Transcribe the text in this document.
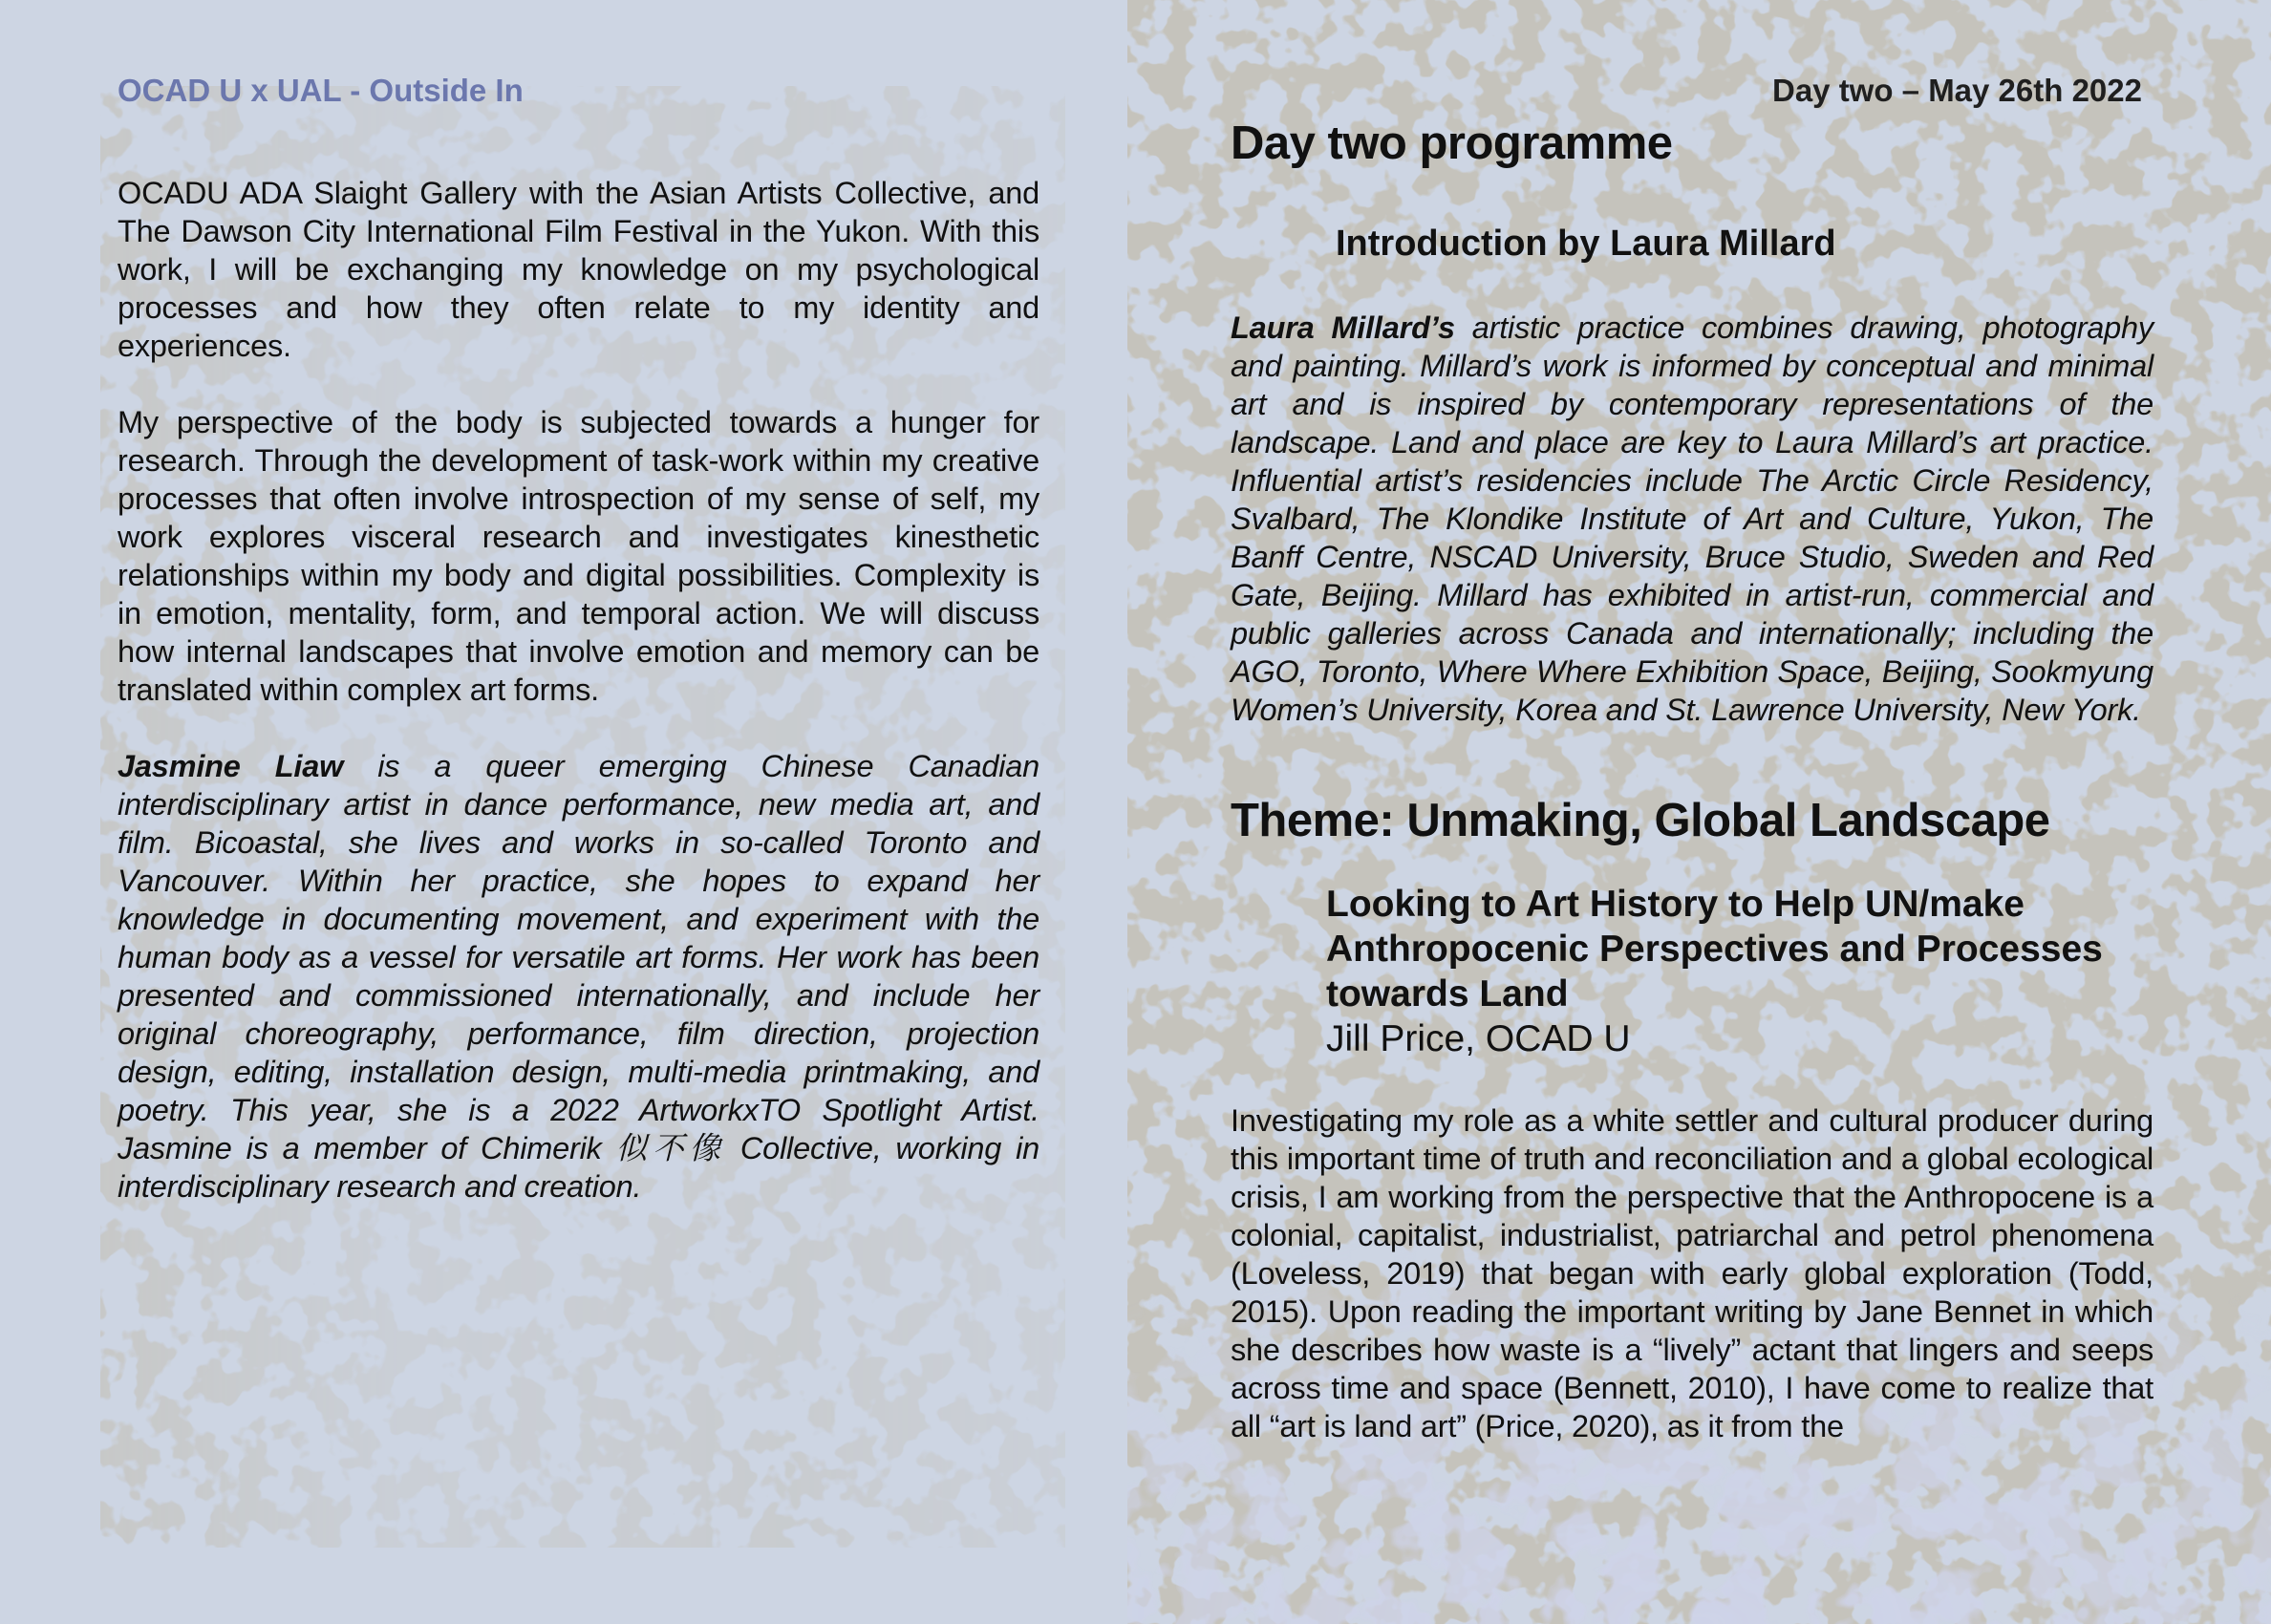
OCAD U x UAL - Outside In

OCADU ADA Slaight Gallery with the Asian Artists Collective, and The Dawson City International Film Festival in the Yukon. With this work, I will be exchanging my knowledge on my psychological processes and how they often relate to my identity and experiences.

My perspective of the body is subjected towards a hunger for research. Through the development of task-work within my creative processes that often involve introspection of my sense of self, my work explores visceral research and investigates kinesthetic relationships within my body and digital possibilities. Complexity is in emotion, mentality, form, and temporal action. We will discuss how internal landscapes that involve emotion and memory can be translated within complex art forms.

Jasmine Liaw is a queer emerging Chinese Canadian interdisciplinary artist in dance performance, new media art, and film. Bicoastal, she lives and works in so-called Toronto and Vancouver. Within her practice, she hopes to expand her knowledge in documenting movement, and experiment with the human body as a vessel for versatile art forms. Her work has been presented and commissioned internationally, and include her original choreography, performance, film direction, projection design, editing, installation design, multi-media printmaking, and poetry. This year, she is a 2022 ArtworkxTO Spotlight Artist. Jasmine is a member of Chimerik 似不像 Collective, working in interdisciplinary research and creation.

Day two – May 26th 2022
Day two programme
Introduction by Laura Millard

Laura Millard’s artistic practice combines drawing, photography and painting. Millard’s work is informed by conceptual and minimal art and is inspired by contemporary representations of the landscape. Land and place are key to Laura Millard’s art practice. Influential artist’s residencies include The Arctic Circle Residency, Svalbard, The Klondike Institute of Art and Culture, Yukon, The Banff Centre, NSCAD University, Bruce Studio, Sweden and Red Gate, Beijing. Millard has exhibited in artist-run, commercial and public galleries across Canada and internationally; including the AGO, Toronto, Where Where Exhibition Space, Beijing, Sookmyung Women’s University, Korea and St. Lawrence University, New York.

Theme: Unmaking, Global Landscape
Looking to Art History to Help UN/make Anthropocenic Perspectives and Processes towards Land
Jill Price, OCAD U

Investigating my role as a white settler and cultural producer during this important time of truth and reconciliation and a global ecological crisis, I am working from the perspective that the Anthropocene is a colonial, capitalist, industrialist, patriarchal and petrol phenomena (Loveless, 2019) that began with early global exploration (Todd, 2015). Upon reading the important writing by Jane Bennet in which she describes how waste is a “lively” actant that lingers and seeps across time and space (Bennett, 2010), I have come to realize that all “art is land art” (Price, 2020), as it from the
